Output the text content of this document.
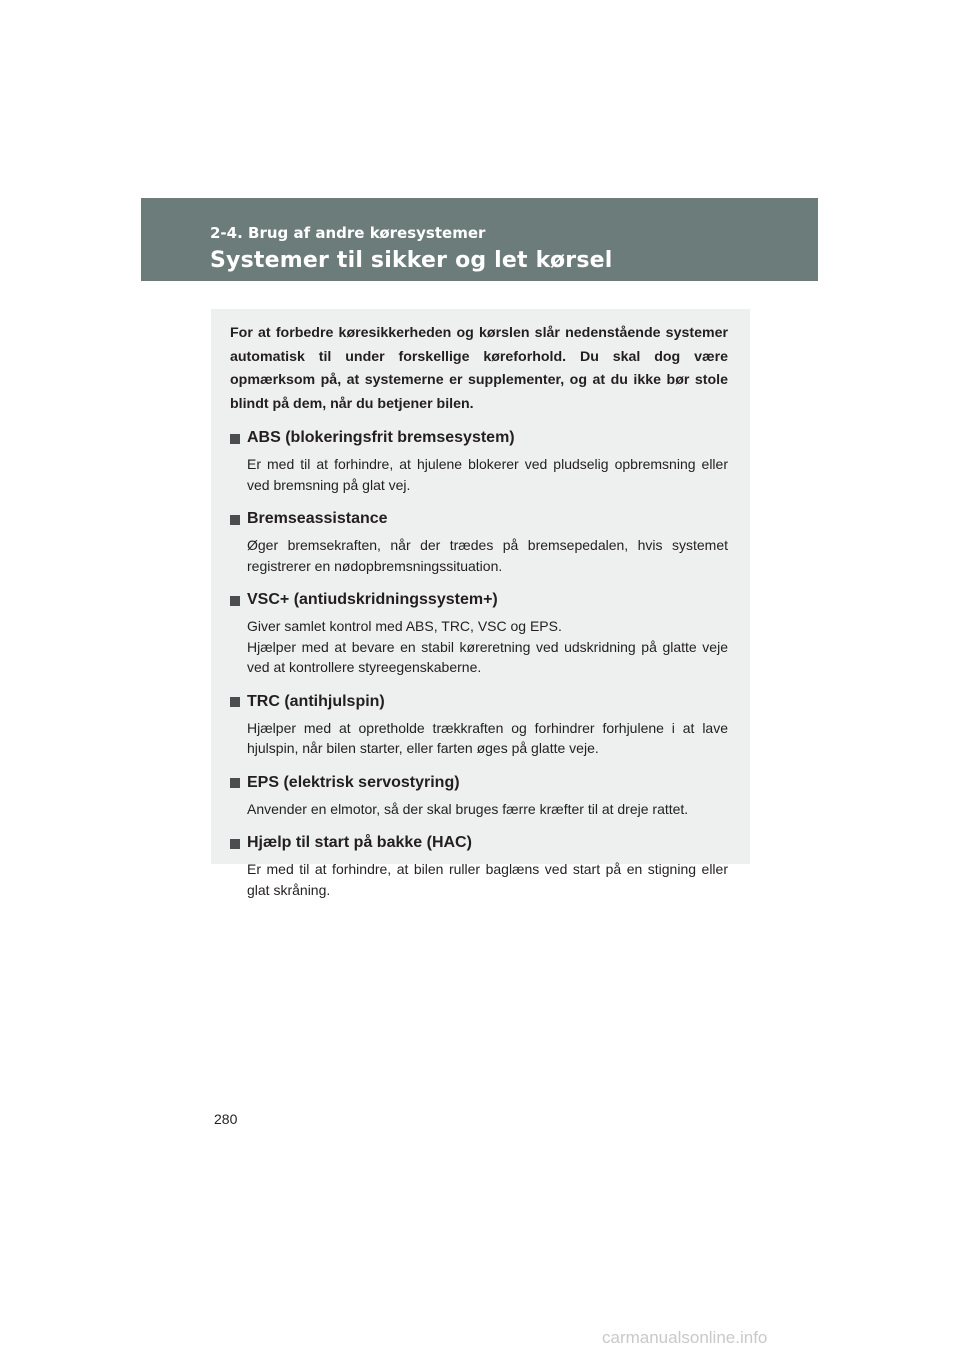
2-4. Brug af andre køresystemer
Systemer til sikker og let kørsel

For at forbedre køresikkerheden og kørslen slår nedenstående systemer automatisk til under forskellige køreforhold. Du skal dog være opmærksom på, at systemerne er supplementer, og at du ikke bør stole blindt på dem, når du betjener bilen.

ABS (blokeringsfrit bremsesystem)

Er med til at forhindre, at hjulene blokerer ved pludselig opbremsning eller ved bremsning på glat vej.

Bremseassistance

Øger bremsekraften, når der trædes på bremsepedalen, hvis systemet registrerer en nødopbremsningssituation.

VSC+ (antiudskridningssystem+)

Giver samlet kontrol med ABS, TRC, VSC og EPS.

Hjælper med at bevare en stabil køreretning ved udskridning på glatte veje ved at kontrollere styreegenskaberne.

TRC (antihjulspin)

Hjælper med at opretholde trækkraften og forhindrer forhjulene i at lave hjulspin, når bilen starter, eller farten øges på glatte veje.

EPS (elektrisk servostyring)

Anvender en elmotor, så der skal bruges færre kræfter til at dreje rattet.

Hjælp til start på bakke (HAC)

Er med til at forhindre, at bilen ruller baglæns ved start på en stigning eller glat skråning.

280
carmanualsonline.info
